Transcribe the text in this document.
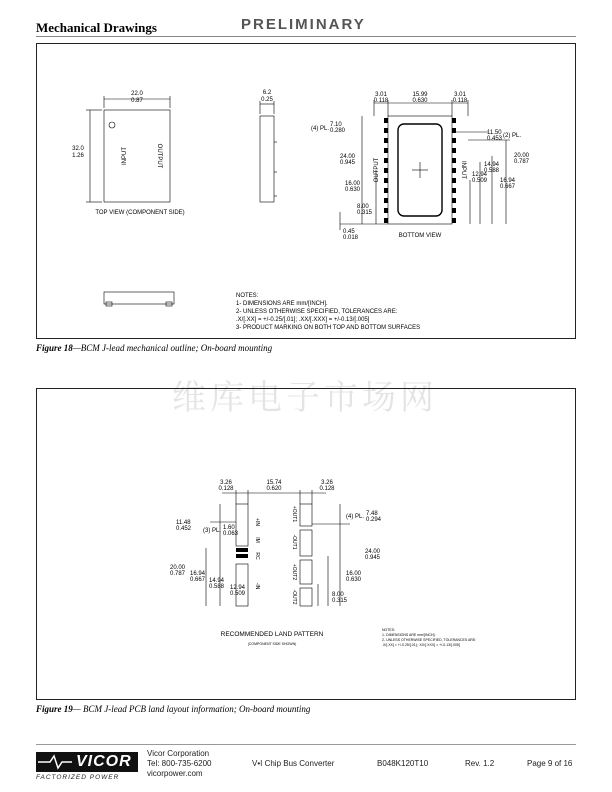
Mechanical Drawings	PRELIMINARY
22.0
0.87
32.0
1.26	INPUT	OUTPUT
TOP VIEW (COMPONENT SIDE)
6.2
0.25
3.01
0.118
15.99
0.630
3.01
0.118
(4) PL.
7.10
0.280	11.50
0.453 (2) PL.
24.00
0.945
20.00
0.787
16.00
0.630
16.94
0.667
14.94
0.588
12.94
0.509
8.00
0.315
0.45
0.018
OUTPUT	INPUT
BOTTOM VIEW
NOTES:
1- DIMENSIONS ARE mm/[INCH].
2- UNLESS OTHERWISE SPECIFIED, TOLERANCES ARE:
.X/[.XX] = +/-0.25/[.01]; .XX/[.XXX] = +/-0.13/[.005]
3- PRODUCT MARKING ON BOTH TOP AND BOTTOM SURFACES
Figure 18—BCM J-lead mechanical outline; On-board mounting
维库电子市场网
3.26
0.128
15.74
0.620
3.26
0.128
11.48
0.452 (3) PL. 1.60
0.063
(4) PL. 7.48
0.294
20.00
0.787 16.94
0.667 14.94
0.588 12.94
0.509
24.00
0.945
16.00
0.630
8.00
0.315
+IN
IM
RC
-IN
+OUT1
-OUT1
+OUT2
-OUT2
RECOMMENDED LAND PATTERN
(COMPONENT SIDE SHOWN)
NOTES:
1- DIMENSIONS ARE mm/[INCH].
2- UNLESS OTHERWISE SPECIFIED, TOLERANCES ARE:
.X/[.XX] = +/-0.25/[.01]; .XX/[.XXX] = +/-0.13/[.005]
Figure 19— BCM J-lead PCB land layout information; On-board mounting
VICOR
FACTORIZED POWER
Vicor Corporation
Tel: 800-735-6200
vicorpower.com
V•I Chip Bus Converter	B048K120T10	Rev. 1.2	Page 9 of 16
